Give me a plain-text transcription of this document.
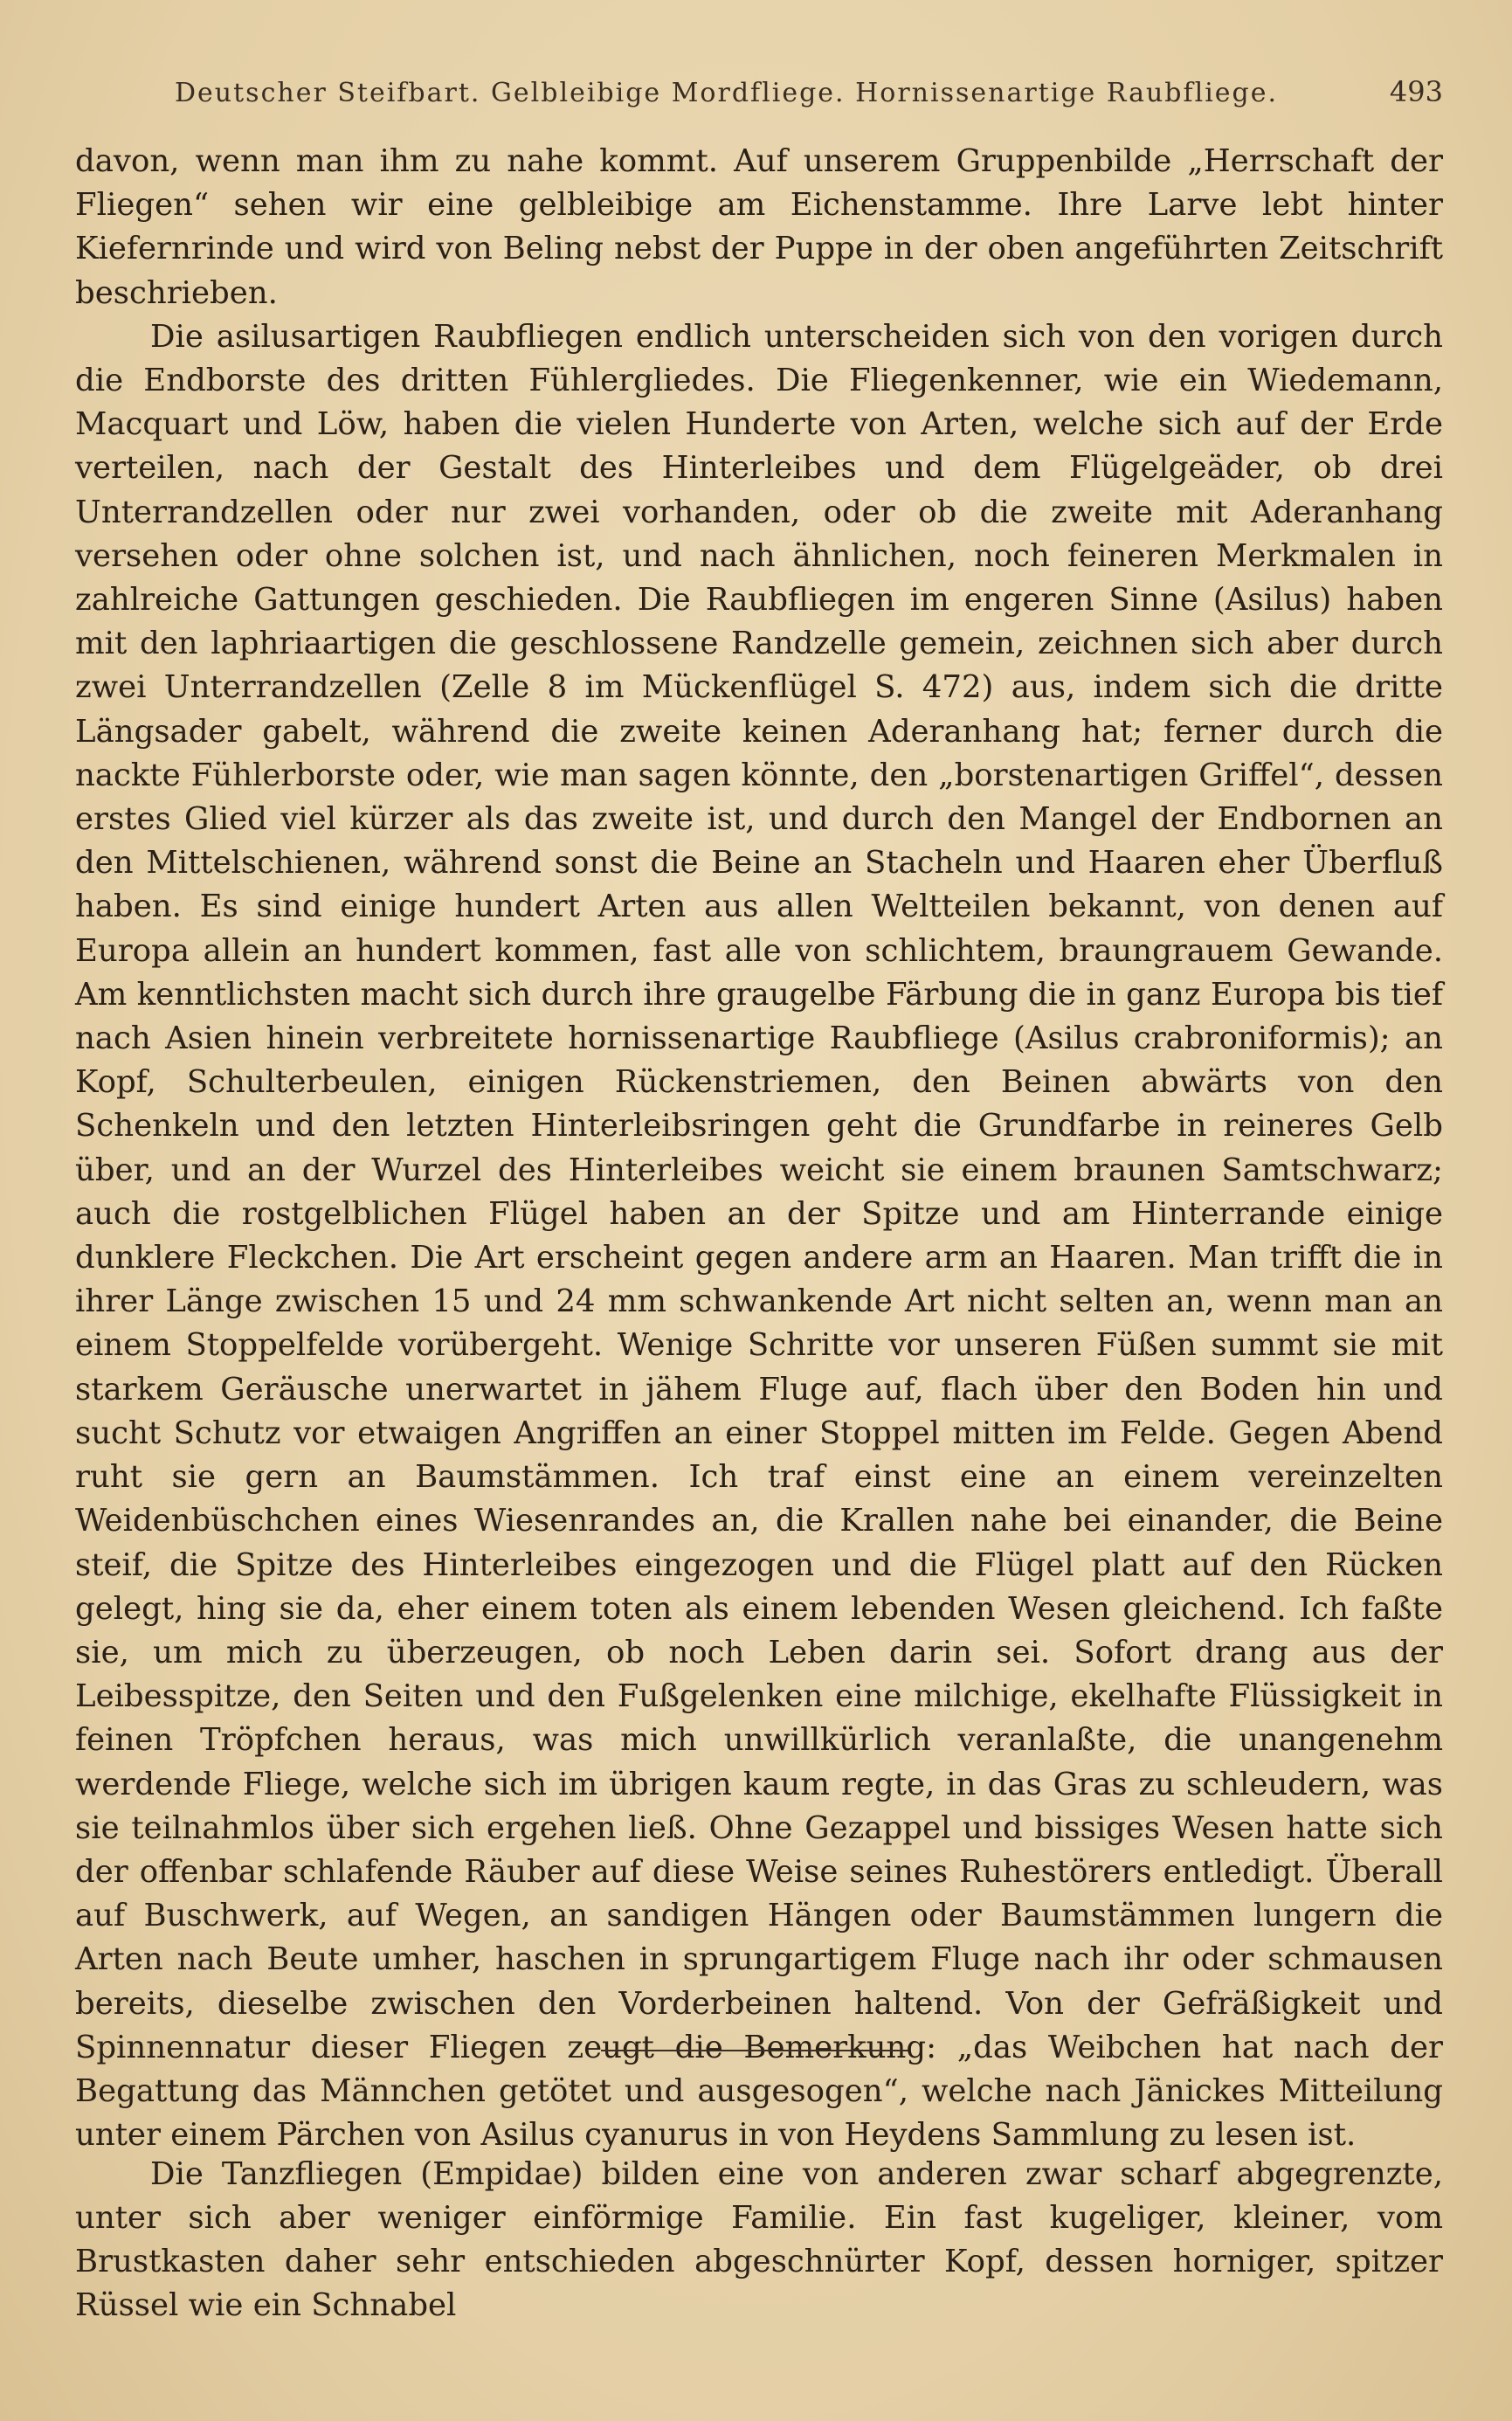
Deutscher Steifbart. Gelbleibige Mordfliege. Hornissenartige Raubfliege.	493

davon, wenn man ihm zu nahe kommt. Auf unserem Gruppenbilde „Herrschaft der Fliegen“ sehen wir eine gelbleibige am Eichenstamme. Ihre Larve lebt hinter Kiefernrinde und wird von Beling nebst der Puppe in der oben angeführten Zeitschrift beschrieben.

Die asilusartigen Raubfliegen endlich unterscheiden sich von den vorigen durch die Endborste des dritten Fühlergliedes. Die Fliegenkenner, wie ein Wiedemann, Macquart und Löw, haben die vielen Hunderte von Arten, welche sich auf der Erde verteilen, nach der Gestalt des Hinterleibes und dem Flügelgeäder, ob drei Unterrandzellen oder nur zwei vorhanden, oder ob die zweite mit Aderanhang versehen oder ohne solchen ist, und nach ähnlichen, noch feineren Merkmalen in zahlreiche Gattungen geschieden. Die Raubfliegen im engeren Sinne (Asilus) haben mit den laphriaartigen die geschlossene Randzelle gemein, zeichnen sich aber durch zwei Unterrandzellen (Zelle 8 im Mückenflügel S. 472) aus, indem sich die dritte Längsader gabelt, während die zweite keinen Aderanhang hat; ferner durch die nackte Fühlerborste oder, wie man sagen könnte, den „borstenartigen Griffel“, dessen erstes Glied viel kürzer als das zweite ist, und durch den Mangel der Endbornen an den Mittelschienen, während sonst die Beine an Stacheln und Haaren eher Überfluß haben. Es sind einige hundert Arten aus allen Weltteilen bekannt, von denen auf Europa allein an hundert kommen, fast alle von schlichtem, braungrauem Gewande. Am kenntlichsten macht sich durch ihre graugelbe Färbung die in ganz Europa bis tief nach Asien hinein verbreitete hornissenartige Raubfliege (Asilus crabroniformis); an Kopf, Schulterbeulen, einigen Rückenstriemen, den Beinen abwärts von den Schenkeln und den letzten Hinterleibsringen geht die Grundfarbe in reineres Gelb über, und an der Wurzel des Hinterleibes weicht sie einem braunen Samtschwarz; auch die rostgelblichen Flügel haben an der Spitze und am Hinterrande einige dunklere Fleckchen. Die Art erscheint gegen andere arm an Haaren. Man trifft die in ihrer Länge zwischen 15 und 24 mm schwankende Art nicht selten an, wenn man an einem Stoppelfelde vorübergeht. Wenige Schritte vor unseren Füßen summt sie mit starkem Geräusche unerwartet in jähem Fluge auf, flach über den Boden hin und sucht Schutz vor etwaigen Angriffen an einer Stoppel mitten im Felde. Gegen Abend ruht sie gern an Baumstämmen. Ich traf einst eine an einem vereinzelten Weidenbüschchen eines Wiesenrandes an, die Krallen nahe bei einander, die Beine steif, die Spitze des Hinterleibes eingezogen und die Flügel platt auf den Rücken gelegt, hing sie da, eher einem toten als einem lebenden Wesen gleichend. Ich faßte sie, um mich zu überzeugen, ob noch Leben darin sei. Sofort drang aus der Leibesspitze, den Seiten und den Fußgelenken eine milchige, ekelhafte Flüssigkeit in feinen Tröpfchen heraus, was mich unwillkürlich veranlaßte, die unangenehm werdende Fliege, welche sich im übrigen kaum regte, in das Gras zu schleudern, was sie teilnahmlos über sich ergehen ließ. Ohne Gezappel und bissiges Wesen hatte sich der offenbar schlafende Räuber auf diese Weise seines Ruhestörers entledigt. Überall auf Buschwerk, auf Wegen, an sandigen Hängen oder Baumstämmen lungern die Arten nach Beute umher, haschen in sprungartigem Fluge nach ihr oder schmausen bereits, dieselbe zwischen den Vorderbeinen haltend. Von der Gefräßigkeit und Spinnennatur dieser Fliegen zeugt die Bemerkung: „das Weibchen hat nach der Begattung das Männchen getötet und ausgesogen“, welche nach Jänickes Mitteilung unter einem Pärchen von Asilus cyanurus in von Heydens Sammlung zu lesen ist.

Die Tanzfliegen (Empidae) bilden eine von anderen zwar scharf abgegrenzte, unter sich aber weniger einförmige Familie. Ein fast kugeliger, kleiner, vom Brustkasten daher sehr entschieden abgeschnürter Kopf, dessen horniger, spitzer Rüssel wie ein Schnabel
